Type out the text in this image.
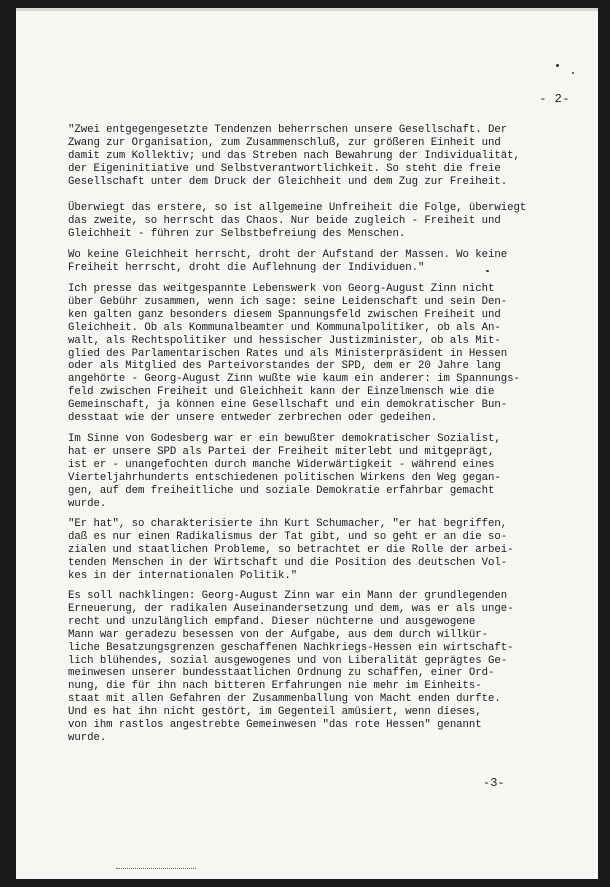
- 2-
"Zwei entgegengesetzte Tendenzen beherrschen unsere Gesellschaft. Der
Zwang zur Organisation, zum Zusammenschluß, zur größeren Einheit und
damit zum Kollektiv; und das Streben nach Bewahrung der Individualität,
der Eigeninitiative und Selbstverantwortlichkeit. So steht die freie
Gesellschaft unter dem Druck der Gleichheit und dem Zug zur Freiheit.
Überwiegt das erstere, so ist allgemeine Unfreiheit die Folge, überwiegt
das zweite, so herrscht das Chaos. Nur beide zugleich - Freiheit und
Gleichheit - führen zur Selbstbefreiung des Menschen.
Wo keine Gleichheit herrscht, droht der Aufstand der Massen. Wo keine
Freiheit herrscht, droht die Auflehnung der Individuen."
Ich presse das weitgespannte Lebenswerk von Georg-August Zinn nicht
über Gebühr zusammen, wenn ich sage: seine Leidenschaft und sein Den-
ken galten ganz besonders diesem Spannungsfeld zwischen Freiheit und
Gleichheit. Ob als Kommunalbeamter und Kommunalpolitiker, ob als An-
walt, als Rechtspolitiker und hessischer Justizminister, ob als Mit-
glied des Parlamentarischen Rates und als Ministerpräsident in Hessen
oder als Mitglied des Parteivorstandes der SPD, dem er 20 Jahre lang
angehörte - Georg-August Zinn wußte wie kaum ein anderer: im Spannungs-
feld zwischen Freiheit und Gleichheit kann der Einzelmensch wie die
Gemeinschaft, ja können eine Gesellschaft und ein demokratischer Bun-
desstaat wie der unsere entweder zerbrechen oder gedeihen.
Im Sinne von Godesberg war er ein bewußter demokratischer Sozialist,
hat er unsere SPD als Partei der Freiheit miterlebt und mitgeprägt,
ist er - unangefochten durch manche Widerwärtigkeit - während eines
Vierteljahrhunderts entschiedenen politischen Wirkens den Weg gegan-
gen, auf dem freiheitliche und soziale Demokratie erfahrbar gemacht
wurde.
"Er hat", so charakterisierte ihn Kurt Schumacher, "er hat begriffen,
daß es nur einen Radikalismus der Tat gibt, und so geht er an die so-
zialen und staatlichen Probleme, so betrachtet er die Rolle der arbei-
tenden Menschen in der Wirtschaft und die Position des deutschen Vol-
kes in der internationalen Politik."
Es soll nachklingen: Georg-August Zinn war ein Mann der grundlegenden
Erneuerung, der radikalen Auseinandersetzung und dem, was er als unge-
recht und unzulänglich empfand. Dieser nüchterne und ausgewogene
Mann war geradezu besessen von der Aufgabe, aus dem durch willkür-
liche Besatzungsgrenzen geschaffenen Nachkriegs-Hessen ein wirtschaft-
lich blühendes, sozial ausgewogenes und von Liberalität geprägtes Ge-
meinwesen unserer bundesstaatlichen Ordnung zu schaffen, einer Ord-
nung, die für ihn nach bitteren Erfahrungen nie mehr im Einheits-
staat mit allen Gefahren der Zusammenballung von Macht enden durfte.
Und es hat ihn nicht gestört, im Gegenteil amüsiert, wenn dieses,
von ihm rastlos angestrebte Gemeinwesen "das rote Hessen" genannt
wurde.
-3-
